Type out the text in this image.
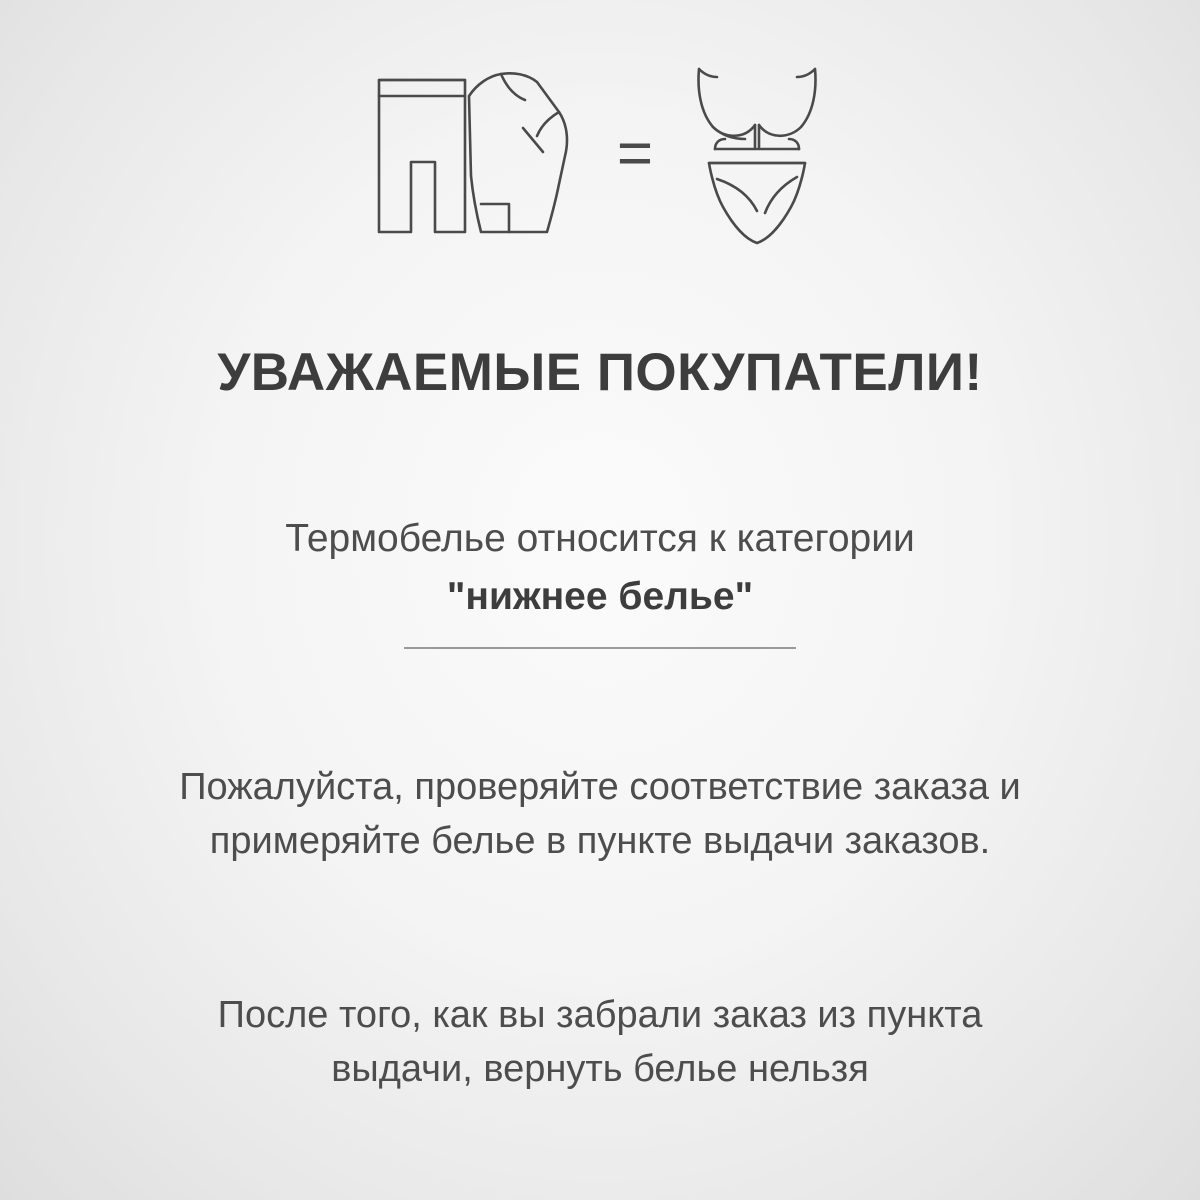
=
УВАЖАЕМЫЕ ПОКУПАТЕЛИ!
Термобелье относится к категории
"нижнее белье"

Пожалуйста, проверяйте соответствие заказа и примеряйте белье в пункте выдачи заказов.

После того, как вы забрали заказ из пункта выдачи, вернуть белье нельзя
